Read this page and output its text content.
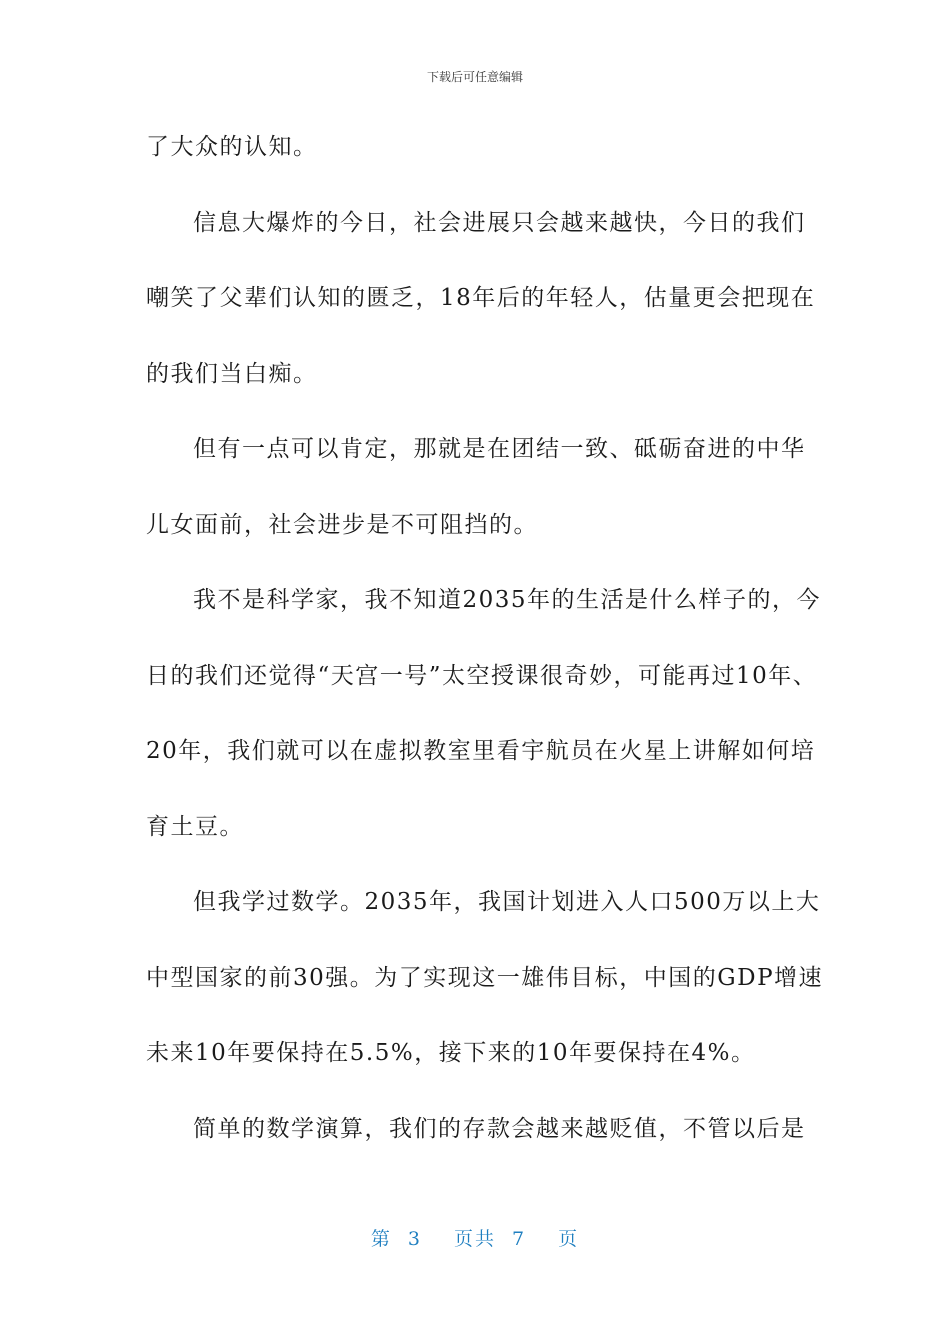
下载后可任意编辑
了大众的认知。
信息大爆炸的今日，社会进展只会越来越快，今日的我们
嘲笑了父辈们认知的匮乏，18年后的年轻人，估量更会把现在
的我们当白痴。
但有一点可以肯定，那就是在团结一致、砥砺奋进的中华
儿女面前，社会进步是不可阻挡的。
我不是科学家，我不知道2035年的生活是什么样子的，今
日的我们还觉得“天宫一号”太空授课很奇妙，可能再过10年、
20年，我们就可以在虚拟教室里看宇航员在火星上讲解如何培
育土豆。
但我学过数学。2035年，我国计划进入人口500万以上大
中型国家的前30强。为了实现这一雄伟目标，中国的GDP增速
未来10年要保持在5.5%，接下来的10年要保持在4%。
简单的数学演算，我们的存款会越来越贬值，不管以后是
第 3 页共 7 页
